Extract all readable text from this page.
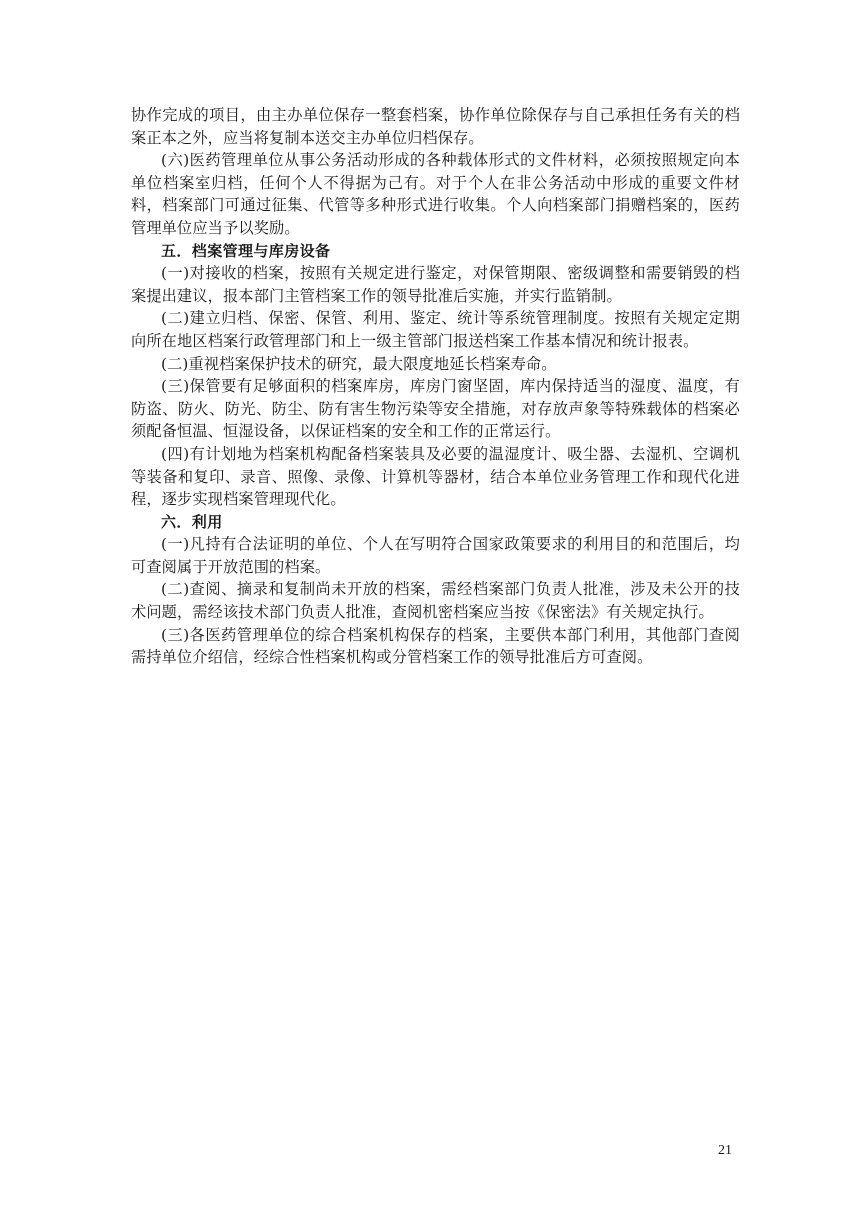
协作完成的项目，由主办单位保存一整套档案，协作单位除保存与自己承担任务有关的档案正本之外，应当将复制本送交主办单位归档保存。

(六)医药管理单位从事公务活动形成的各种载体形式的文件材料，必须按照规定向本单位档案室归档，任何个人不得据为己有。对于个人在非公务活动中形成的重要文件材料，档案部门可通过征集、代管等多种形式进行收集。个人向档案部门捐赠档案的，医药管理单位应当予以奖励。

五．档案管理与库房设备

(一)对接收的档案，按照有关规定进行鉴定，对保管期限、密级调整和需要销毁的档案提出建议，报本部门主管档案工作的领导批准后实施，并实行监销制。

(二)建立归档、保密、保管、利用、鉴定、统计等系统管理制度。按照有关规定定期向所在地区档案行政管理部门和上一级主管部门报送档案工作基本情况和统计报表。

(二)重视档案保护技术的研究，最大限度地延长档案寿命。

(三)保管要有足够面积的档案库房，库房门窗坚固，库内保持适当的湿度、温度，有防盗、防火、防光、防尘、防有害生物污染等安全措施，对存放声象等特殊载体的档案必须配备恒温、恒湿设备，以保证档案的安全和工作的正常运行。

(四)有计划地为档案机构配备档案装具及必要的温湿度计、吸尘器、去湿机、空调机等装备和复印、录音、照像、录像、计算机等器材，结合本单位业务管理工作和现代化进程，逐步实现档案管理现代化。

六．利用

(一)凡持有合法证明的单位、个人在写明符合国家政策要求的利用目的和范围后，均可查阅属于开放范围的档案。

(二)查阅、摘录和复制尚未开放的档案，需经档案部门负责人批准，涉及未公开的技术问题，需经该技术部门负责人批准，查阅机密档案应当按《保密法》有关规定执行。

(三)各医药管理单位的综合档案机构保存的档案，主要供本部门利用，其他部门查阅需持单位介绍信，经综合性档案机构或分管档案工作的领导批准后方可查阅。

21
